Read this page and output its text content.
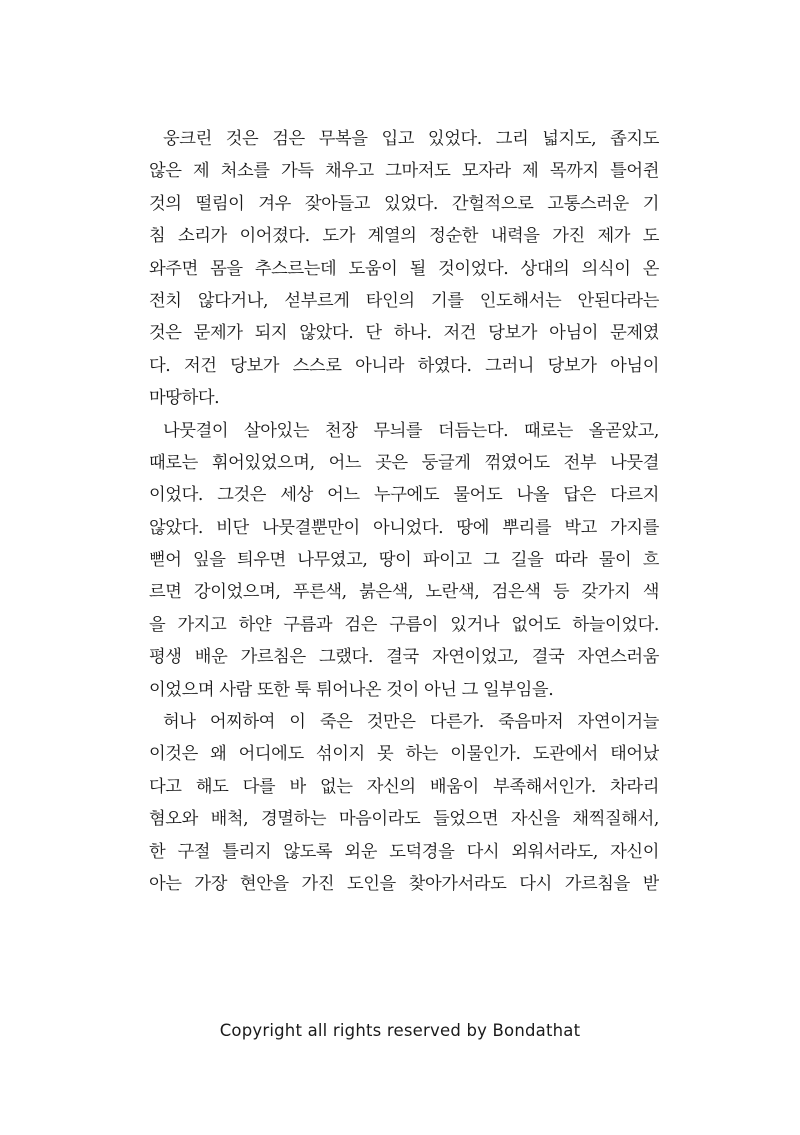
웅크린 것은 검은 무복을 입고 있었다. 그리 넓지도, 좁지도
않은 제 처소를 가득 채우고 그마저도 모자라 제 목까지 틀어쥔
것의 떨림이 겨우 잦아들고 있었다. 간헐적으로 고통스러운 기
침 소리가 이어졌다. 도가 계열의 정순한 내력을 가진 제가 도
와주면 몸을 추스르는데 도움이 될 것이었다. 상대의 의식이 온
전치 않다거나, 섣부르게 타인의 기를 인도해서는 안된다라는
것은 문제가 되지 않았다. 단 하나. 저건 당보가 아님이 문제였
다. 저건 당보가 스스로 아니라 하였다. 그러니 당보가 아님이
마땅하다.
나뭇결이 살아있는 천장 무늬를 더듬는다. 때로는 올곧았고,
때로는 휘어있었으며, 어느 곳은 둥글게 꺾였어도 전부 나뭇결
이었다. 그것은 세상 어느 누구에도 물어도 나올 답은 다르지
않았다. 비단 나뭇결뿐만이 아니었다. 땅에 뿌리를 박고 가지를
뻗어 잎을 틔우면 나무였고, 땅이 파이고 그 길을 따라 물이 흐
르면 강이었으며, 푸른색, 붉은색, 노란색, 검은색 등 갖가지 색
을 가지고 하얀 구름과 검은 구름이 있거나 없어도 하늘이었다.
평생 배운 가르침은 그랬다. 결국 자연이었고, 결국 자연스러움
이었으며 사람 또한 툭 튀어나온 것이 아닌 그 일부임을.
허나 어찌하여 이 죽은 것만은 다른가. 죽음마저 자연이거늘
이것은 왜 어디에도 섞이지 못 하는 이물인가. 도관에서 태어났
다고 해도 다를 바 없는 자신의 배움이 부족해서인가. 차라리
혐오와 배척, 경멸하는 마음이라도 들었으면 자신을 채찍질해서,
한 구절 틀리지 않도록 외운 도덕경을 다시 외워서라도, 자신이
아는 가장 현안을 가진 도인을 찾아가서라도 다시 가르침을 받
Copyright all rights reserved by Bondathat
